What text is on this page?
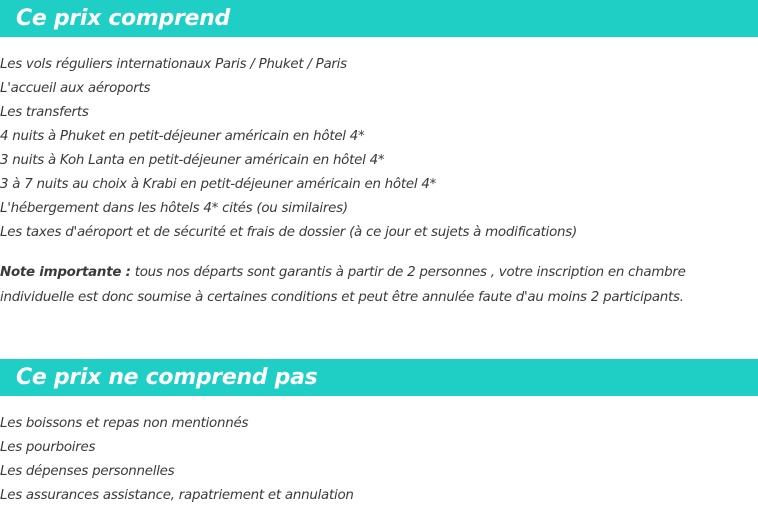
Ce prix comprend
Les vols réguliers internationaux Paris / Phuket / Paris
L'accueil aux aéroports
Les transferts
4 nuits à Phuket en petit-déjeuner américain en hôtel 4*
3 nuits à Koh Lanta en petit-déjeuner américain en hôtel 4*
3 à 7 nuits au choix à Krabi en petit-déjeuner américain en hôtel 4*
L'hébergement dans les hôtels 4* cités (ou similaires)
Les taxes d'aéroport et de sécurité et frais de dossier (à ce jour et sujets à modifications)

Note importante : tous nos départs sont garantis à partir de 2 personnes , votre inscription en chambre individuelle est donc soumise à certaines conditions et peut être annulée faute d'au moins 2 participants.

Ce prix ne comprend pas
Les boissons et repas non mentionnés
Les pourboires
Les dépenses personnelles
Les assurances assistance, rapatriement et annulation
